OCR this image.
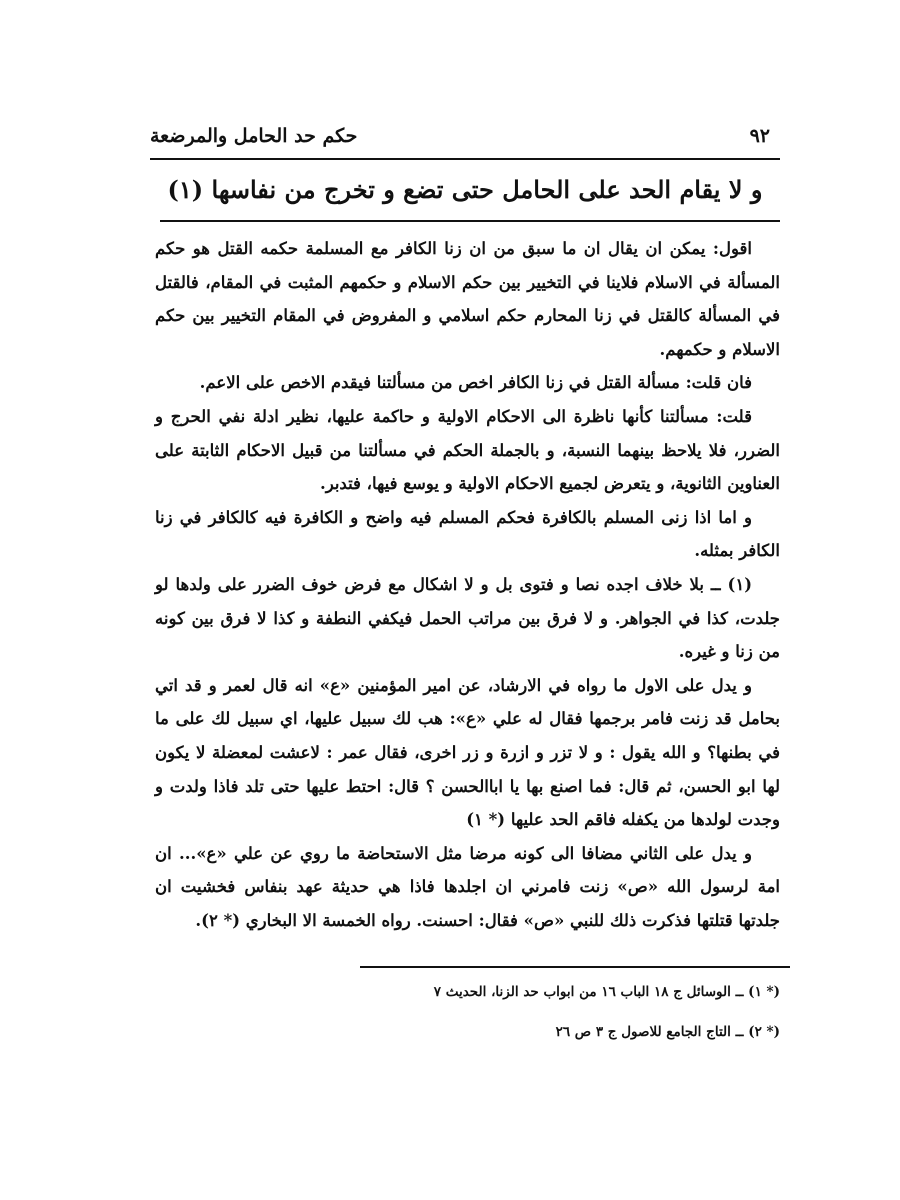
حكم حد الحامل والمرضعة	٩٢
و لا يقام الحد على الحامل حتى تضع و تخرج من نفاسها (١)

اقول: يمكن ان يقال ان ما سبق من ان زنا الكافر مع المسلمة حكمه القتل هو حكم المسألة في الاسلام فلاينا في التخيير بين حكم الاسلام و حكمهم المثبت في المقام، فالقتل في المسألة كالقتل في زنا المحارم حكم اسلامي و المفروض في المقام التخيير بين حكم الاسلام و حكمهم.

فان قلت: مسألة القتل في زنا الكافر اخص من مسألتنا فيقدم الاخص على الاعم.

قلت: مسألتنا كأنها ناظرة الى الاحكام الاولية و حاكمة عليها، نظير ادلة نفي الحرج و الضرر، فلا يلاحظ بينهما النسبة، و بالجملة الحكم في مسألتنا من قبيل الاحكام الثابتة على العناوين الثانوية، و يتعرض لجميع الاحكام الاولية و يوسع فيها، فتدبر.

و اما اذا زنى المسلم بالكافرة فحكم المسلم فيه واضح و الكافرة فيه كالكافر في زنا الكافر بمثله.

(١) ــ بلا خلاف اجده نصا و فتوى بل و لا اشكال مع فرض خوف الضرر على ولدها لو جلدت، كذا في الجواهر. و لا فرق بين مراتب الحمل فيكفي النطفة و كذا لا فرق بين كونه من زنا و غيره.

و يدل على الاول ما رواه في الارشاد، عن امير المؤمنين «ع» انه قال لعمر و قد اتي بحامل قد زنت فامر برجمها فقال له علي «ع»: هب لك سبيل عليها، اي سبيل لك على ما في بطنها؟ و الله يقول : و لا تزر و ازرة و زر اخرى، فقال عمر : لاعشت لمعضلة لا يكون لها ابو الحسن، ثم قال: فما اصنع بها يا اباالحسن ؟ قال: احتط عليها حتى تلد فاذا ولدت و وجدت لولدها من يكفله فاقم الحد عليها (* ١)

و يدل على الثاني مضافا الى كونه مرضا مثل الاستحاضة ما روي عن علي «ع»... ان امة لرسول الله «ص» زنت فامرني ان اجلدها فاذا هي حديثة عهد بنفاس فخشيت ان جلدتها قتلتها فذكرت ذلك للنبي «ص» فقال: احسنت. رواه الخمسة الا البخاري (* ٢).

(* ١) ــ الوسائل ج ١٨ الباب ١٦ من ابواب حد الزنا، الحديث ٧

(* ٢) ــ التاج الجامع للاصول ج ٣ ص ٢٦
